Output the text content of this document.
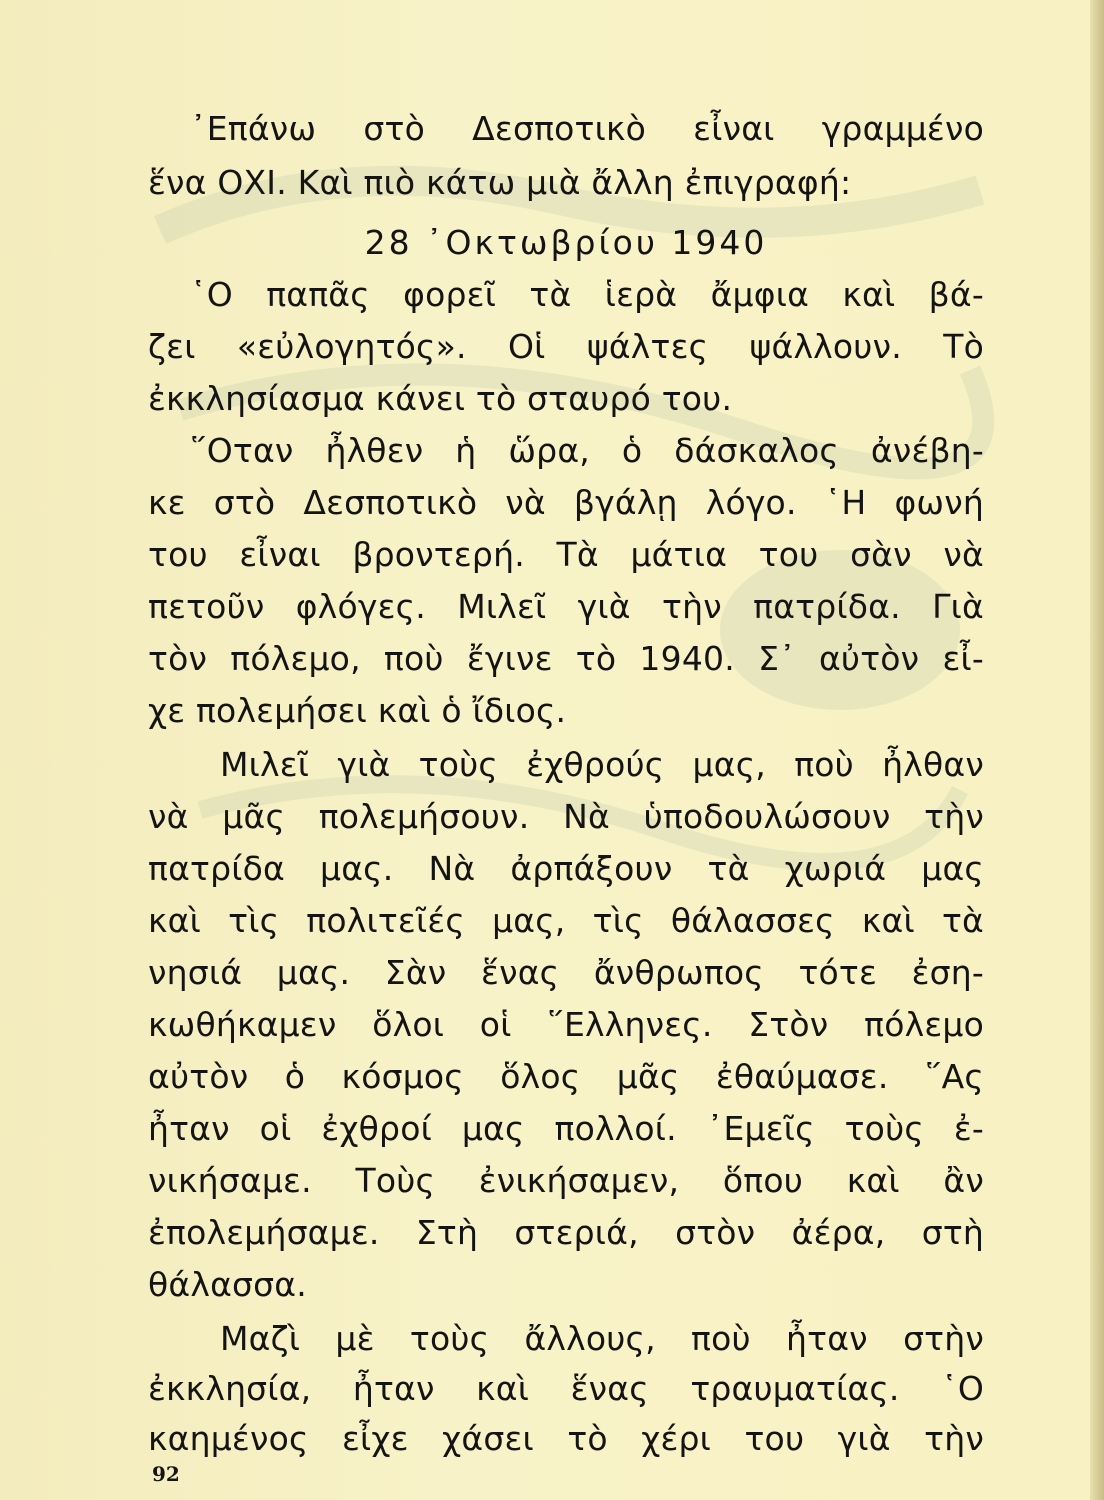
᾿Επάνω στὸ Δεσποτικὸ εἶναι γραμμένο
ἕνα ΟΧΙ. Καὶ πιὸ κάτω μιὰ ἄλλη ἐπιγραφή:
28 ᾿Οκτωβρίου 1940
῾Ο παπᾶς φορεῖ τὰ ἱερὰ ἄμφια καὶ βά-
ζει «εὐλογητός». Οἱ ψάλτες ψάλλουν. Τὸ
ἐκκλησίασμα κάνει τὸ σταυρό του.
῞Οταν ἦλθεν ἡ ὥρα, ὁ δάσκαλος ἀνέβη-
κε στὸ Δεσποτικὸ νὰ βγάλῃ λόγο. ῾Η φωνή
του εἶναι βροντερή. Τὰ μάτια του σὰν νὰ
πετοῦν φλόγες. Μιλεῖ γιὰ τὴν πατρίδα. Γιὰ
τὸν πόλεμο, ποὺ ἔγινε τὸ 1940. Σ᾿ αὐτὸν εἶ-
χε πολεμήσει καὶ ὁ ἴδιος.
Μιλεῖ γιὰ τοὺς ἐχθρούς μας, ποὺ ἦλθαν
νὰ μᾶς πολεμήσουν. Νὰ ὑποδουλώσουν τὴν
πατρίδα μας. Νὰ ἀρπάξουν τὰ χωριά μας
καὶ τὶς πολιτεῖές μας, τὶς θάλασσες καὶ τὰ
νησιά μας. Σὰν ἕνας ἄνθρωπος τότε ἐση-
κωθήκαμεν ὅλοι οἱ ῞Ελληνες. Στὸν πόλεμο
αὐτὸν ὁ κόσμος ὅλος μᾶς ἐθαύμασε. ῞Ας
ἦταν οἱ ἐχθροί μας πολλοί. ᾿Εμεῖς τοὺς ἐ-
νικήσαμε. Τοὺς ἐνικήσαμεν, ὅπου καὶ ἂν
ἐπολεμήσαμε. Στὴ στεριά, στὸν ἀέρα, στὴ
θάλασσα.
Μαζὶ μὲ τοὺς ἄλλους, ποὺ ἦταν στὴν
ἐκκλησία, ἦταν καὶ ἕνας τραυματίας. ῾Ο
καημένος εἶχε χάσει τὸ χέρι του γιὰ τὴν
92
